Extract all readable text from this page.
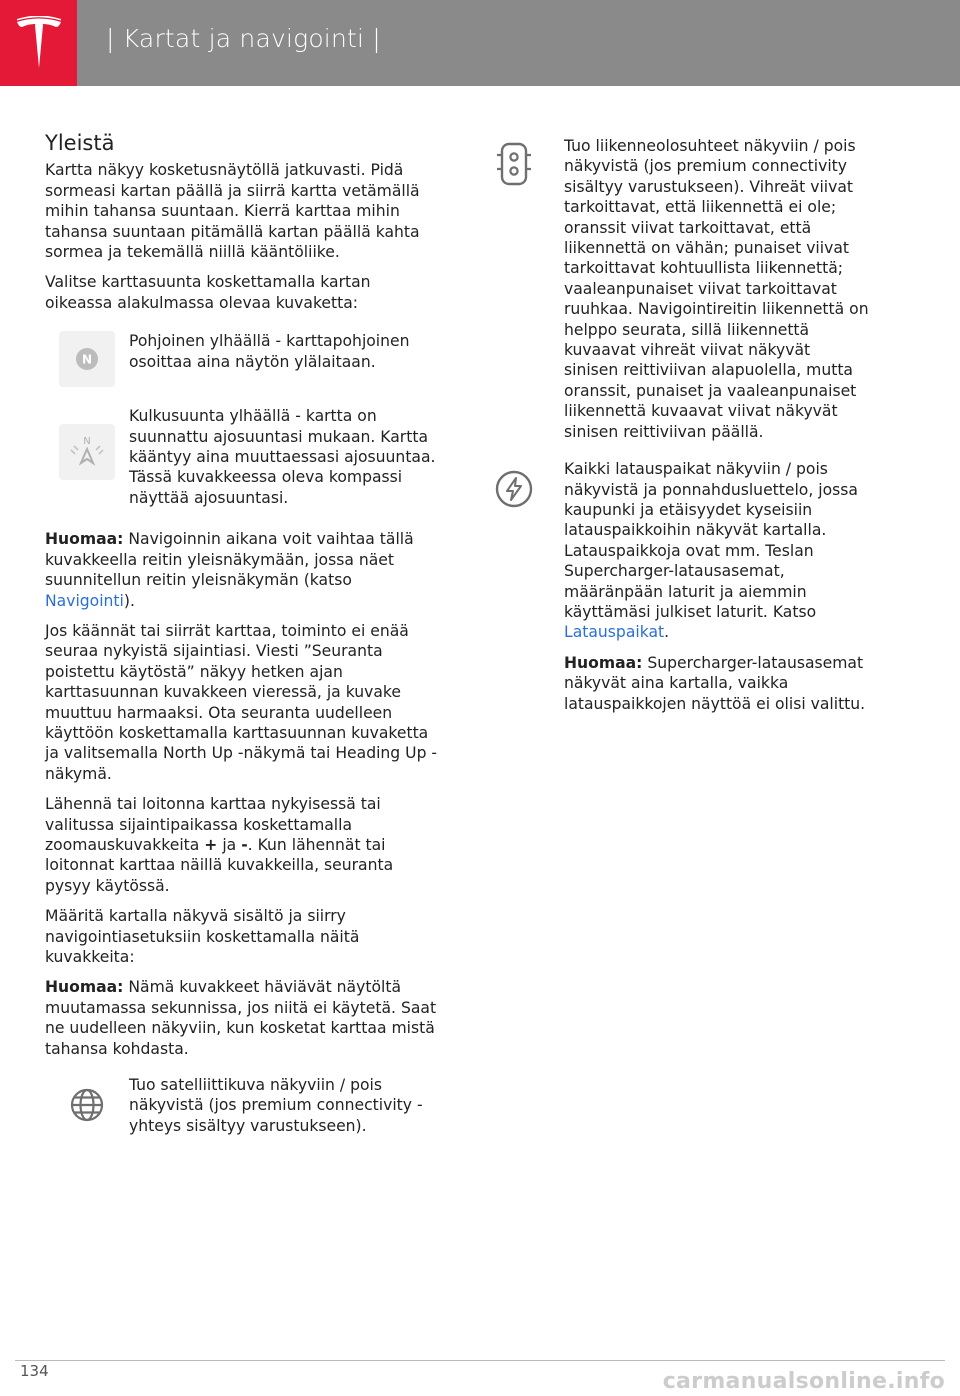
| Kartat ja navigointi |
Yleistä

Kartta näkyy kosketusnäytöllä jatkuvasti. Pidä sormeasi kartan päällä ja siirrä kartta vetämällä mihin tahansa suuntaan. Kierrä karttaa mihin tahansa suuntaan pitämällä kartan päällä kahta sormea ja tekemällä niillä kääntöliike.

Valitse karttasuunta koskettamalla kartan oikeassa alakulmassa olevaa kuvaketta:

N
Pohjoinen ylhäällä - karttapohjoinen osoittaa aina näytön ylälaitaan.
N
Kulkusuunta ylhäällä - kartta on suunnattu ajosuuntasi mukaan. Kartta kääntyy aina muuttaessasi ajosuuntaa. Tässä kuvakkeessa oleva kompassi näyttää ajosuuntasi.

Huomaa: Navigoinnin aikana voit vaihtaa tällä kuvakkeella reitin yleisnäkymään, jossa näet suunnitellun reitin yleisnäkymän (katso Navigointi).

Jos käännät tai siirrät karttaa, toiminto ei enää seuraa nykyistä sijaintiasi. Viesti ”Seuranta poistettu käytöstä” näkyy hetken ajan karttasuunnan kuvakkeen vieressä, ja kuvake muuttuu harmaaksi. Ota seuranta uudelleen käyttöön koskettamalla karttasuunnan kuvaketta ja valitsemalla North Up -näkymä tai Heading Up -näkymä.

Lähennä tai loitonna karttaa nykyisessä tai valitussa sijaintipaikassa koskettamalla zoomauskuvakkeita + ja -. Kun lähennät tai loitonnat karttaa näillä kuvakkeilla, seuranta pysyy käytössä.

Määritä kartalla näkyvä sisältö ja siirry navigointiasetuksiin koskettamalla näitä kuvakkeita:

Huomaa: Nämä kuvakkeet häviävät näytöltä muutamassa sekunnissa, jos niitä ei käytetä. Saat ne uudelleen näkyviin, kun kosketat karttaa mistä tahansa kohdasta.

Tuo satelliittikuva näkyviin / pois näkyvistä (jos premium connectivity -yhteys sisältyy varustukseen).

Tuo liikenneolosuhteet näkyviin / pois näkyvistä (jos premium connectivity sisältyy varustukseen). Vihreät viivat tarkoittavat, että liikennettä ei ole; oranssit viivat tarkoittavat, että liikennettä on vähän; punaiset viivat tarkoittavat kohtuullista liikennettä; vaaleanpunaiset viivat tarkoittavat ruuhkaa. Navigointireitin liikennettä on helppo seurata, sillä liikennettä kuvaavat vihreät viivat näkyvät sinisen reittiviivan alapuolella, mutta oranssit, punaiset ja vaaleanpunaiset liikennettä kuvaavat viivat näkyvät sinisen reittiviivan päällä.

Kaikki latauspaikat näkyviin / pois näkyvistä ja ponnahdusluettelo, jossa kaupunki ja etäisyydet kyseisiin latauspaikkoihin näkyvät kartalla. Latauspaikkoja ovat mm. Teslan Supercharger-latausasemat, määränpään laturit ja aiemmin käyttämäsi julkiset laturit. Katso Latauspaikat.

Huomaa: Supercharger-latausasemat näkyvät aina kartalla, vaikka latauspaikkojen näyttöä ei olisi valittu.

134	carmanualsonline.info
